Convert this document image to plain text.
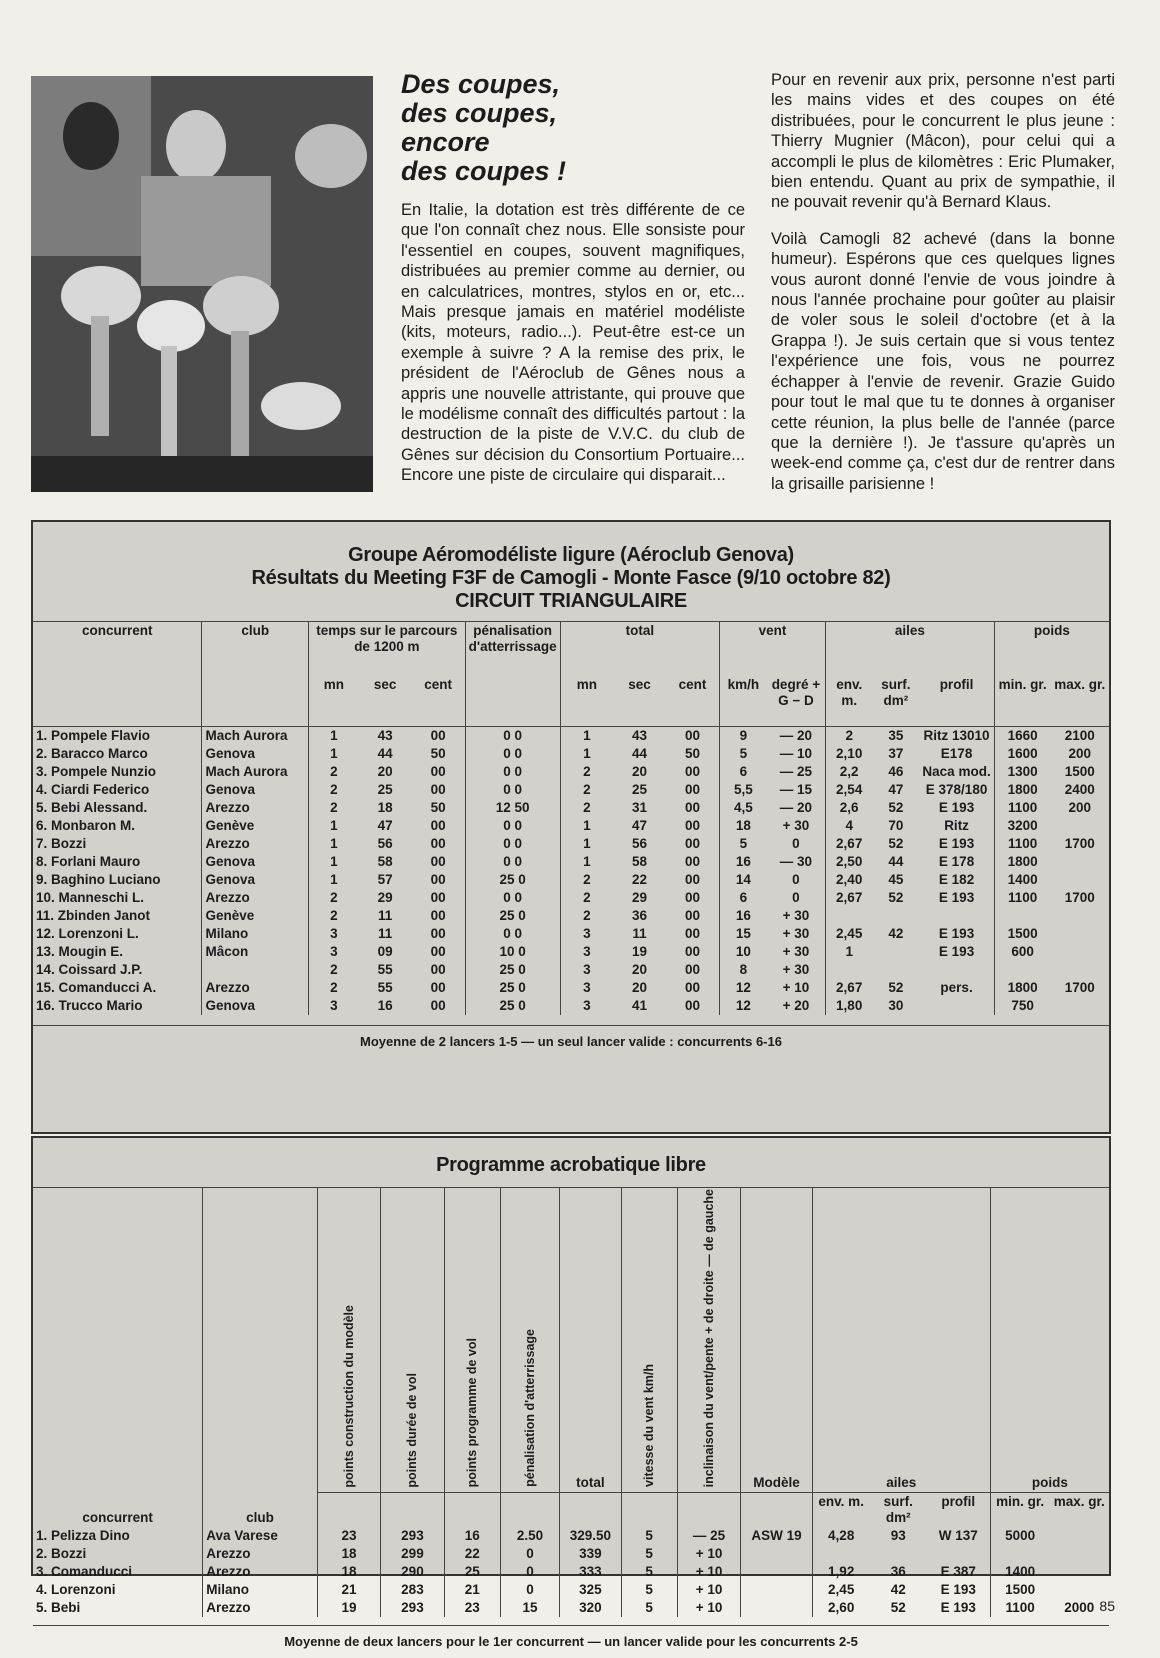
Des coupes,
des coupes,
encore
des coupes !

En Italie, la dotation est très différente de ce que l'on connaît chez nous. Elle sonsiste pour l'essentiel en coupes, souvent magnifiques, distribuées au premier comme au dernier, ou en calculatrices, montres, stylos en or, etc... Mais presque jamais en matériel modéliste (kits, moteurs, radio...). Peut-être est-ce un exemple à suivre ? A la remise des prix, le président de l'Aéroclub de Gênes nous a appris une nouvelle attristante, qui prouve que le modélisme connaît des difficultés partout : la destruction de la piste de V.V.C. du club de Gênes sur décision du Consortium Portuaire... Encore une piste de circulaire qui disparait...

Pour en revenir aux prix, personne n'est parti les mains vides et des coupes on été distribuées, pour le concurrent le plus jeune : Thierry Mugnier (Mâcon), pour celui qui a accompli le plus de kilomètres : Eric Plumaker, bien entendu. Quant au prix de sympathie, il ne pouvait revenir qu'à Bernard Klaus.

Voilà Camogli 82 achevé (dans la bonne humeur). Espérons que ces quelques lignes vous auront donné l'envie de vous joindre à nous l'année prochaine pour goûter au plaisir de voler sous le soleil d'octobre (et à la Grappa !). Je suis certain que si vous tentez l'expérience une fois, vous ne pourrez échapper à l'envie de revenir. Grazie Guido pour tout le mal que tu te donnes à organiser cette réunion, la plus belle de l'année (parce que la dernière !). Je t'assure qu'après un week-end comme ça, c'est dur de rentrer dans la grisaille parisienne !

Groupe Aéromodéliste ligure (Aéroclub Genova)
Résultats du Meeting F3F de Camogli - Monte Fasce (9/10 octobre 82)
CIRCUIT TRIANGULAIRE
concurrent	club	temps sur le parcours de 1200 m			pénalisation d'atterrissage	total			vent		ailes			poids	
		mn	sec	cent		mn	sec	cent	km/h	degré + G − D	env. m.	surf. dm²	profil	min. gr.	max. gr.
1. Pompele Flavio	Mach Aurora	1	43	00	0 0	1	43	00	9	— 20	2	35	Ritz 13010	1660	2100
2. Baracco Marco	Genova	1	44	50	0 0	1	44	50	5	— 10	2,10	37	E178	1600	200
3. Pompele Nunzio	Mach Aurora	2	20	00	0 0	2	20	00	6	— 25	2,2	46	Naca mod.	1300	1500
4. Ciardi Federico	Genova	2	25	00	0 0	2	25	00	5,5	— 15	2,54	47	E 378/180	1800	2400
5. Bebi Alessand.	Arezzo	2	18	50	12 50	2	31	00	4,5	— 20	2,6	52	E 193	1100	200
6. Monbaron M.	Genève	1	47	00	0 0	1	47	00	18	+ 30	4	70	Ritz	3200	
7. Bozzi	Arezzo	1	56	00	0 0	1	56	00	5	0	2,67	52	E 193	1100	1700
8. Forlani Mauro	Genova	1	58	00	0 0	1	58	00	16	— 30	2,50	44	E 178	1800	
9. Baghino Luciano	Genova	1	57	00	25 0	2	22	00	14	0	2,40	45	E 182	1400	
10. Manneschi L.	Arezzo	2	29	00	0 0	2	29	00	6	0	2,67	52	E 193	1100	1700
11. Zbinden Janot	Genève	2	11	00	25 0	2	36	00	16	+ 30					
12. Lorenzoni L.	Milano	3	11	00	0 0	3	11	00	15	+ 30	2,45	42	E 193	1500	
13. Mougin E.	Mâcon	3	09	00	10 0	3	19	00	10	+ 30	1		E 193	600	
14. Coissard J.P.		2	55	00	25 0	3	20	00	8	+ 30					
15. Comanducci A.	Arezzo	2	55	00	25 0	3	20	00	12	+ 10	2,67	52	pers.	1800	1700
16. Trucco Mario	Genova	3	16	00	25 0	3	41	00	12	+ 20	1,80	30		750	
Moyenne de 2 lancers 1-5 — un seul lancer valide : concurrents 6-16
Programme acrobatique libre
concurrent	club	points construction du modèle	points durée de vol	points programme de vol	pénalisation d'atterrissage	total	vitesse du vent km/h	inclinaison du vent/pente + de droite — de gauche	Modèle	ailes			poids	
										env. m.	surf. dm²	profil	min. gr.	max. gr.
1. Pelizza Dino	Ava Varese	23	293	16	2.50	329.50	5	— 25	ASW 19	4,28	93	W 137	5000	
2. Bozzi	Arezzo	18	299	22	0	339	5	+ 10						
3. Comanducci	Arezzo	18	290	25	0	333	5	+ 10		1,92	36	E 387	1400	
4. Lorenzoni	Milano	21	283	21	0	325	5	+ 10		2,45	42	E 193	1500	
5. Bebi	Arezzo	19	293	23	15	320	5	+ 10		2,60	52	E 193	1100	2000
Moyenne de deux lancers pour le 1er concurrent — un lancer valide pour les concurrents 2-5
85
